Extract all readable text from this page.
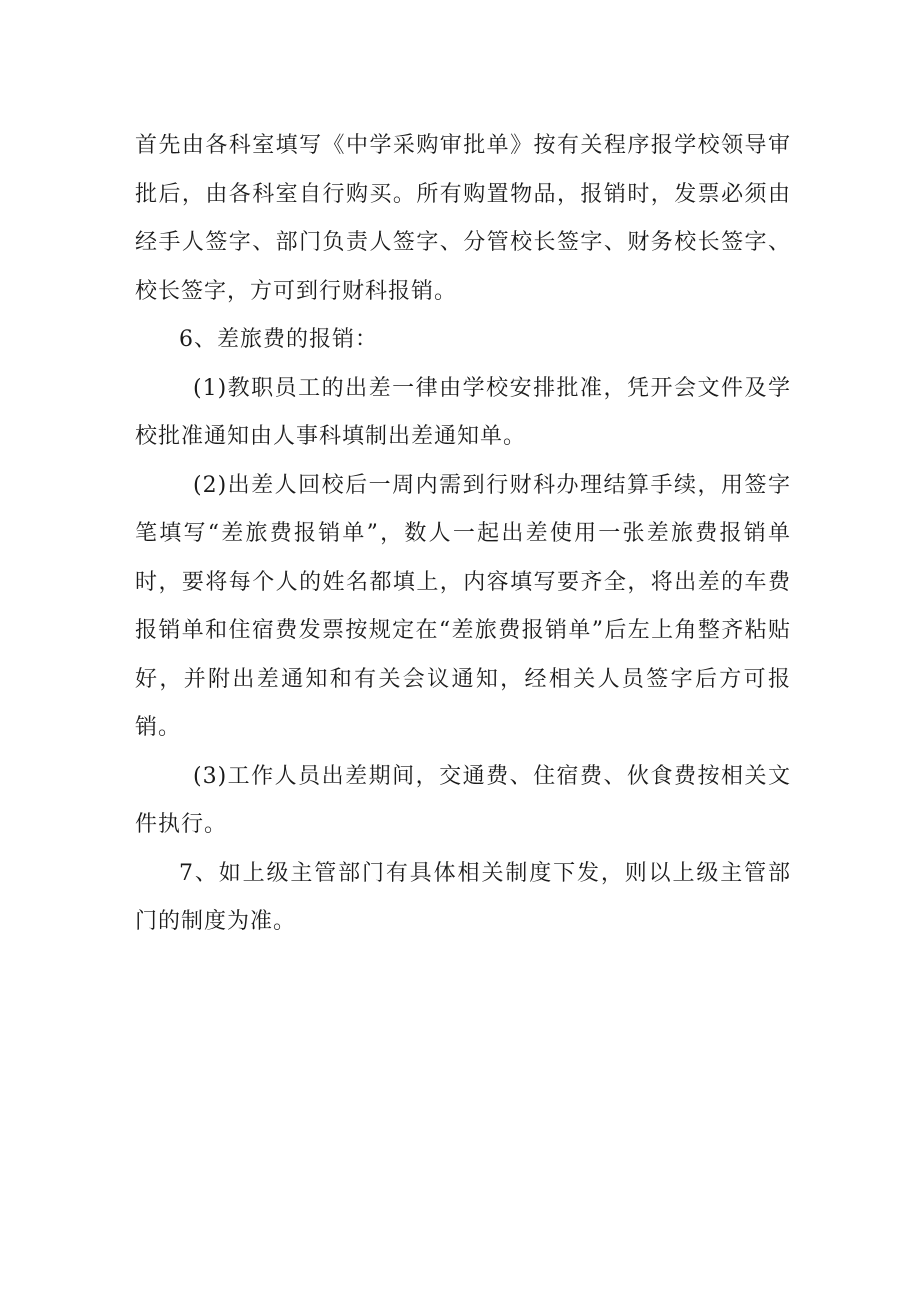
首先由各科室填写《中学采购审批单》按有关程序报学校领导审批后，由各科室自行购买。所有购置物品，报销时，发票必须由经手人签字、部门负责人签字、分管校长签字、财务校长签字、校长签字，方可到行财科报销。

6、差旅费的报销：

(1)教职员工的出差一律由学校安排批准，凭开会文件及学校批准通知由人事科填制出差通知单。

(2)出差人回校后一周内需到行财科办理结算手续，用签字笔填写“差旅费报销单”，数人一起出差使用一张差旅费报销单时，要将每个人的姓名都填上，内容填写要齐全，将出差的车费报销单和住宿费发票按规定在“差旅费报销单”后左上角整齐粘贴好，并附出差通知和有关会议通知，经相关人员签字后方可报销。

(3)工作人员出差期间，交通费、住宿费、伙食费按相关文件执行。

7、如上级主管部门有具体相关制度下发，则以上级主管部门的制度为准。
